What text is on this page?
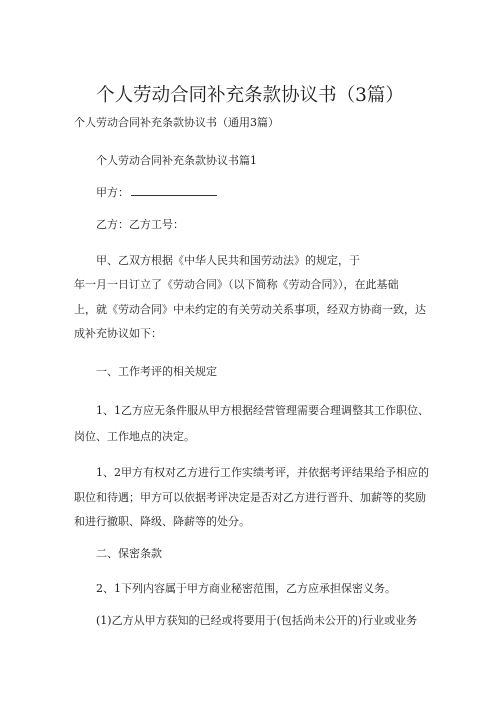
个人劳动合同补充条款协议书（3篇）
个人劳动合同补充条款协议书（通用3篇）
个人劳动合同补充条款协议书篇1
甲方：
乙方：乙方工号：
甲、乙双方根据《中华人民共和国劳动法》的规定，于
年一月一日订立了《劳动合同》（以下简称《劳动合同》），在此基础
上，就《劳动合同》中未约定的有关劳动关系事项，经双方协商一致，达
成补充协议如下：
一、工作考评的相关规定
1、1乙方应无条件服从甲方根据经营管理需要合理调整其工作职位、
岗位、工作地点的决定。
1、2甲方有权对乙方进行工作实绩考评，并依据考评结果给予相应的
职位和待遇；甲方可以依据考评决定是否对乙方进行晋升、加薪等的奖励
和进行撤职、降级、降薪等的处分。
二、保密条款
2、1下列内容属于甲方商业秘密范围，乙方应承担保密义务。
(1)乙方从甲方获知的已经或将要用于(包括尚未公开的)行业或业务
